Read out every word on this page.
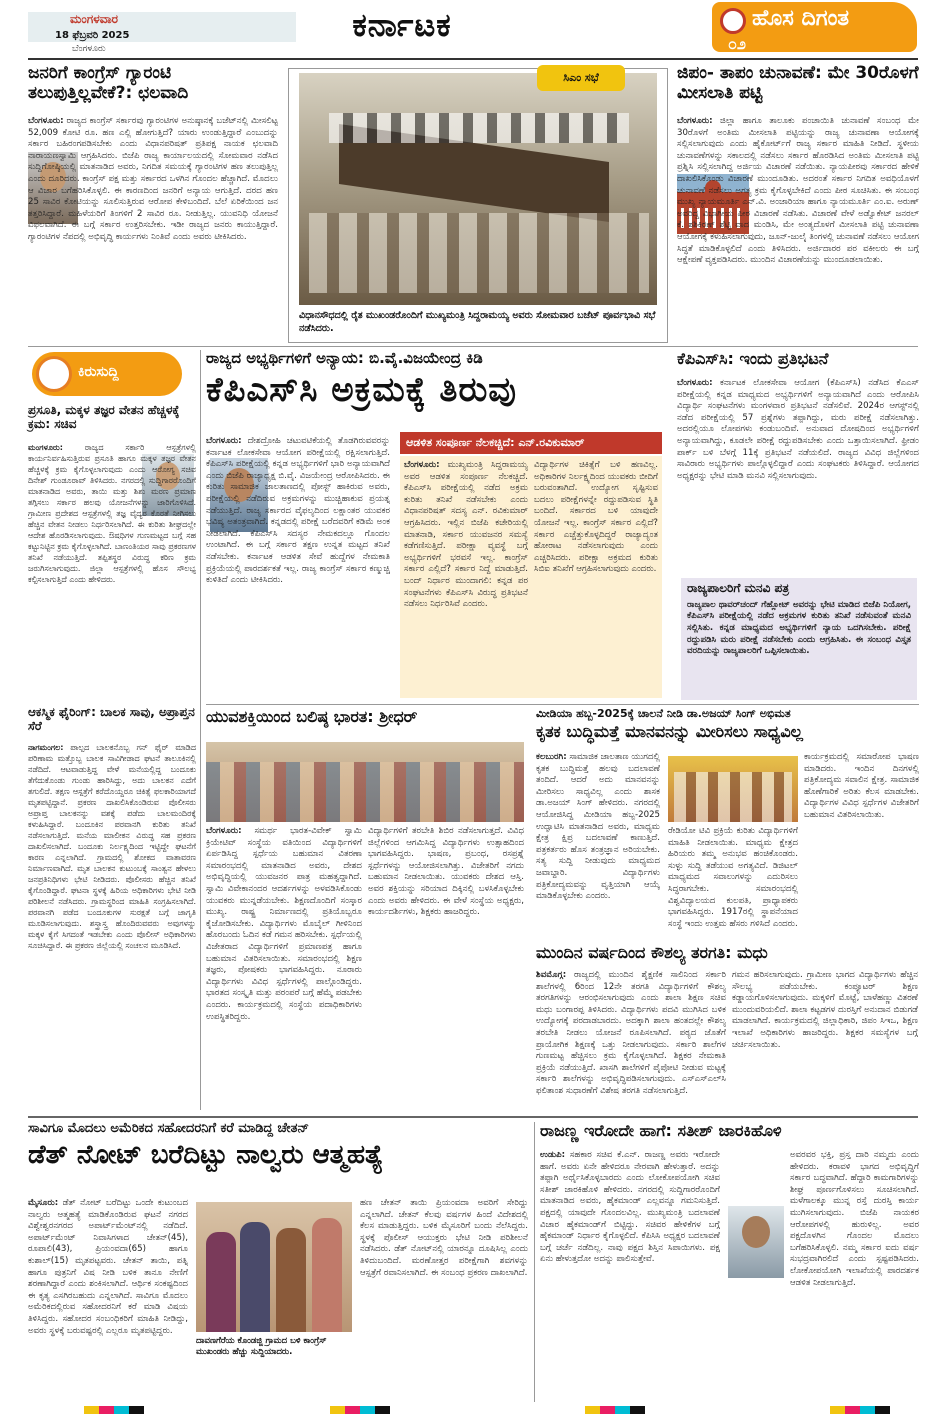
ಮಂಗಳವಾರ
18 ಫೆಬ್ರವರಿ 2025
ಬೆಂಗಳೂರು
ಕರ್ನಾಟಕ	ಹೊಸ ದಿಗಂತ
೦೨
ಜನರಿಗೆ ಕಾಂಗ್ರೆಸ್ ಗ್ಯಾರಂಟಿ ತಲುಪುತ್ತಿಲ್ಲವೇಕೆ?: ಛಲವಾದಿ
ಬೆಂಗಳೂರು: ರಾಜ್ಯದ ಕಾಂಗ್ರೆಸ್ ಸರ್ಕಾರವು ಗ್ಯಾರಂಟಿಗಳ ಅನುಷ್ಠಾನಕ್ಕೆ ಬಜೆಟ್‌ನಲ್ಲಿ ಮೀಸಲಿಟ್ಟ 52,009 ಕೋಟಿ ರೂ. ಹಣ ಎಲ್ಲಿ ಹೋಗುತ್ತಿದೆ? ಯಾರು ಉಂಡುತ್ತಿದ್ದಾರೆ ಎಂಬುದನ್ನು ಸರ್ಕಾರ ಬಹಿರಂಗಪಡಿಸಬೇಕು ಎಂದು ವಿಧಾನಪರಿಷತ್ ಪ್ರತಿಪಕ್ಷ ನಾಯಕ ಛಲವಾದಿ ನಾರಾಯಣಸ್ವಾಮಿ ಆಗ್ರಹಿಸಿದರು. ಬಿಜೆಪಿ ರಾಜ್ಯ ಕಾರ್ಯಾಲಯದಲ್ಲಿ ಸೋಮವಾರ ನಡೆಸಿದ ಸುದ್ದಿಗೋಷ್ಠಿಯಲ್ಲಿ ಮಾತನಾಡಿದ ಅವರು, ನಿಗದಿತ ಸಮಯಕ್ಕೆ ಗ್ಯಾರಂಟಿಗಳ ಹಣ ತಲುಪುತ್ತಿಲ್ಲ ಎಂದು ದೂರಿದರು. ಕಾಂಗ್ರೆಸ್ ಪಕ್ಷ ಮತ್ತು ಸರ್ಕಾರದ ಒಳಗಿನ ಗೊಂದಲ ಹೆಚ್ಚಾಗಿದೆ. ಮೊದಲು ಆ ವಿಚಾರ ಬಗೆಹರಿಸಿಕೊಳ್ಳಲಿ. ಈ ಕಾರಣದಿಂದ ಜನರಿಗೆ ಅನ್ಯಾಯ ಆಗುತ್ತಿದೆ. ದರದ ಹಣ 25 ಸಾವಿರ ಕೋಟಿಯನ್ನು ಸೂಲಿಸುತ್ತಿರುವ ಆರೋಪ ಕೇಳಿಬಂದಿದೆ. ಬೆಲೆ ಏರಿಕೆಯಿಂದ ಜನ ತತ್ತರಿಸಿದ್ದಾರೆ. ಮಹಿಳೆಯರಿಗೆ ತಿಂಗಳಿಗೆ 2 ಸಾವಿರ ರೂ. ನೀಡುತ್ತಿಲ್ಲ. ಯುವನಿಧಿ ಯೋಜನೆ ವಿಫಲವಾಗಿದೆ. ಈ ಬಗ್ಗೆ ಸರ್ಕಾರ ಉತ್ತರಿಸಬೇಕು. ಇಡೀ ರಾಜ್ಯದ ಜನರು ಕಾಯುತ್ತಿದ್ದಾರೆ. ಗ್ಯಾರಂಟಿಗಳ ನೆಪದಲ್ಲಿ ಅಭಿವೃದ್ಧಿ ಕಾರ್ಯಗಳು ನಿಂತಿವೆ ಎಂದು ಅವರು ಟೀಕಿಸಿದರು.
ಸಿಎಂ ಸಭೆ
ವಿಧಾನಸೌಧದಲ್ಲಿ ರೈತ ಮುಖಂಡರೊಂದಿಗೆ ಮುಖ್ಯಮಂತ್ರಿ ಸಿದ್ದರಾಮಯ್ಯ ಅವರು ಸೋಮವಾರ ಬಜೆಟ್ ಪೂರ್ವಭಾವಿ ಸಭೆ ನಡೆಸಿದರು.
ಜಿಪಂ- ತಾಪಂ ಚುನಾವಣೆ: ಮೇ 30ರೊಳಗೆ ಮೀಸಲಾತಿ ಪಟ್ಟಿ
ಬೆಂಗಳೂರು: ಜಿಲ್ಲಾ ಹಾಗೂ ತಾಲೂಕು ಪಂಚಾಯಿತಿ ಚುನಾವಣೆ ಸಂಬಂಧ ಮೇ 30ರೊಳಗೆ ಅಂತಿಮ ಮೀಸಲಾತಿ ಪಟ್ಟಿಯನ್ನು ರಾಜ್ಯ ಚುನಾವಣಾ ಆಯೋಗಕ್ಕೆ ಸಲ್ಲಿಸಲಾಗುವುದು ಎಂದು ಹೈಕೋರ್ಟ್‌ಗೆ ರಾಜ್ಯ ಸರ್ಕಾರ ಮಾಹಿತಿ ನೀಡಿದೆ. ಸ್ಥಳೀಯ ಚುನಾವಣೆಗಳನ್ನು ಸಕಾಲದಲ್ಲಿ ನಡೆಸಲು ಸರ್ಕಾರ ಹೊರಡಿಸಿದ ಅಂತಿಮ ಮೀಸಲಾತಿ ಪಟ್ಟಿ ಪ್ರಶ್ನಿಸಿ ಸಲ್ಲಿಸಲಾಗಿದ್ದ ಅರ್ಜಿಯ ವಿಚಾರಣೆ ನಡೆಯಿತು. ನ್ಯಾಯಪೀಠವು ಸರ್ಕಾರದ ಹೇಳಿಕೆ ದಾಖಲಿಸಿಕೊಂಡು ವಿಚಾರಣೆ ಮುಂದೂಡಿತು. ಅದರಂತೆ ಸರ್ಕಾರ ನಿಗದಿತ ಅವಧಿಯೊಳಗೆ ಚುನಾವಣೆ ನಡೆಸಲು ಅಗತ್ಯ ಕ್ರಮ ಕೈಗೊಳ್ಳಬೇಕಿದೆ ಎಂದು ಪೀಠ ಸೂಚಿಸಿತು. ಈ ಸಂಬಂಧ ಮುಖ್ಯ ನ್ಯಾಯಮೂರ್ತಿ ಎನ್.ವಿ. ಅಂಜಾರಿಯಾ ಹಾಗೂ ನ್ಯಾಯಮೂರ್ತಿ ಎಂ.ಐ. ಅರುಣ್ ಅವರಿದ್ದ ವಿಭಾಗೀಯ ಪೀಠ ವಿಚಾರಣೆ ನಡೆಸಿತು. ವಿಚಾರಣೆ ವೇಳೆ ಅಡ್ವೊಕೇಟ್ ಜನರಲ್ ಕೆ. ಶಶಿಕಿರಣ್ ಶೆಟ್ಟಿ ವಾದ ಮಂಡಿಸಿ, ಮೇ ಅಂತ್ಯದೊಳಗೆ ಮೀಸಲಾತಿ ಪಟ್ಟಿ ಚುನಾವಣಾ ಆಯೋಗಕ್ಕೆ ಕಳುಹಿಸಲಾಗುವುದು, ಜೂನ್-ಜುಲೈ ತಿಂಗಳಲ್ಲಿ ಚುನಾವಣೆ ನಡೆಸಲು ಆಯೋಗ ಸಿದ್ಧತೆ ಮಾಡಿಕೊಳ್ಳಲಿದೆ ಎಂದು ತಿಳಿಸಿದರು. ಅರ್ಜಿದಾರರ ಪರ ವಕೀಲರು ಈ ಬಗ್ಗೆ ಆಕ್ಷೇಪಣೆ ವ್ಯಕ್ತಪಡಿಸಿದರು. ಮುಂದಿನ ವಿಚಾರಣೆಯನ್ನು ಮುಂದೂಡಲಾಯಿತು.
ಕಿರುಸುದ್ದಿ
ಪ್ರಸೂತಿ, ಮಕ್ಕಳ ತಜ್ಞರ ವೇತನ ಹೆಚ್ಚಳಕ್ಕೆ ಕ್ರಮ: ಸಚಿವ
ಮಂಗಳೂರು:	ರಾಜ್ಯದ ಸರ್ಕಾರಿ ಆಸ್ಪತ್ರೆಗಳಲ್ಲಿ ಕಾರ್ಯನಿರ್ವಹಿಸುತ್ತಿರುವ ಪ್ರಸೂತಿ ಹಾಗೂ ಮಕ್ಕಳ ತಜ್ಞರ ವೇತನ ಹೆಚ್ಚಳಕ್ಕೆ ಕ್ರಮ ಕೈಗೊಳ್ಳಲಾಗುವುದು ಎಂದು ಆರೋಗ್ಯ ಸಚಿವ ದಿನೇಶ್ ಗುಂಡೂರಾವ್ ತಿಳಿಸಿದರು. ನಗರದಲ್ಲಿ ಸುದ್ದಿಗಾರರೊಂದಿಗೆ ಮಾತನಾಡಿದ ಅವರು, ತಾಯಿ ಮತ್ತು ಶಿಶು ಮರಣ ಪ್ರಮಾಣ ತಗ್ಗಿಸಲು ಸರ್ಕಾರ ಹಲವು ಯೋಜನೆಗಳನ್ನು ಜಾರಿಗೊಳಿಸಿದೆ. ಗ್ರಾಮೀಣ ಪ್ರದೇಶದ ಆಸ್ಪತ್ರೆಗಳಲ್ಲಿ ತಜ್ಞ ವೈದ್ಯರ ಕೊರತೆ ನೀಗಿಸಲು ಹೆಚ್ಚಿನ ವೇತನ ನೀಡಲು ನಿರ್ಧರಿಸಲಾಗಿದೆ. ಈ ಕುರಿತು ಶೀಘ್ರದಲ್ಲೇ ಆದೇಶ ಹೊರಡಿಸಲಾಗುವುದು. ಔಷಧಿಗಳ ಗುಣಮಟ್ಟದ ಬಗ್ಗೆ ಸಹ ಕಟ್ಟುನಿಟ್ಟಿನ ಕ್ರಮ ಕೈಗೊಳ್ಳಲಾಗಿದೆ. ಬಾಣಂತಿಯರ ಸಾವು ಪ್ರಕರಣಗಳ ತನಿಖೆ ನಡೆಯುತ್ತಿದೆ. ತಪ್ಪಿತಸ್ಥರ ವಿರುದ್ಧ ಕಠಿಣ ಕ್ರಮ ಜರುಗಿಸಲಾಗುವುದು. ಜಿಲ್ಲಾ ಆಸ್ಪತ್ರೆಗಳಲ್ಲಿ ಹೊಸ ಸೌಲಭ್ಯ ಕಲ್ಪಿಸಲಾಗುತ್ತಿದೆ ಎಂದು ಹೇಳಿದರು.
ಆಕಸ್ಮಿಕ ಫೈರಿಂಗ್: ಬಾಲಕ ಸಾವು, ಅಪ್ರಾಪ್ತನ ಸೆರೆ
ನಾಗಮಂಗಲ: ಪಾಲ್ಪದ ಬಾಲಕನೊಬ್ಬ ಗನ್ ಫೈರ್ ಮಾಡಿದ ಪರಿಣಾಮ ಮತ್ತೊಬ್ಬ ಬಾಲಕ ಸಾವಿಗೀಡಾದ ಘಟನೆ ತಾಲೂಕಿನಲ್ಲಿ ನಡೆದಿದೆ. ಆಟವಾಡುತ್ತಿದ್ದ ವೇಳೆ ಮನೆಯಲ್ಲಿದ್ದ ಬಂದೂಕು ತೆಗೆದುಕೊಂಡು ಗುಂಡು ಹಾರಿಸಿದ್ದು, ಅದು ಬಾಲಕನ ಎದೆಗೆ ತಗುಲಿದೆ. ತಕ್ಷಣ ಆಸ್ಪತ್ರೆಗೆ ಕರೆದೊಯ್ದರೂ ಚಿಕಿತ್ಸೆ ಫಲಕಾರಿಯಾಗದೆ ಮೃತಪಟ್ಟಿದ್ದಾನೆ. ಪ್ರಕರಣ ದಾಖಲಿಸಿಕೊಂಡಿರುವ ಪೊಲೀಸರು ಅಪ್ರಾಪ್ತ ಬಾಲಕನನ್ನು ವಶಕ್ಕೆ ಪಡೆದು ಬಾಲಮಂದಿರಕ್ಕೆ ಕಳುಹಿಸಿದ್ದಾರೆ. ಬಂದೂಕಿನ ಪರವಾನಗಿ ಕುರಿತು ತನಿಖೆ ನಡೆಸಲಾಗುತ್ತಿದೆ. ಮನೆಯ ಮಾಲೀಕನ ವಿರುದ್ಧ ಸಹ ಪ್ರಕರಣ ದಾಖಲಿಸಲಾಗಿದೆ. ಬಂದೂಕು ನಿರ್ಲಕ್ಷ್ಯದಿಂದ ಇಟ್ಟಿದ್ದೇ ಘಟನೆಗೆ ಕಾರಣ ಎನ್ನಲಾಗಿದೆ. ಗ್ರಾಮದಲ್ಲಿ ಶೋಕದ ವಾತಾವರಣ ನಿರ್ಮಾಣವಾಗಿದೆ. ಮೃತ ಬಾಲಕನ ಕುಟುಂಬಕ್ಕೆ ಸಾಂತ್ವನ ಹೇಳಲು ಜನಪ್ರತಿನಿಧಿಗಳು ಭೇಟಿ ನೀಡಿದರು. ಪೊಲೀಸರು ಹೆಚ್ಚಿನ ತನಿಖೆ ಕೈಗೊಂಡಿದ್ದಾರೆ. ಘಟನಾ ಸ್ಥಳಕ್ಕೆ ಹಿರಿಯ ಅಧಿಕಾರಿಗಳು ಭೇಟಿ ನೀಡಿ ಪರಿಶೀಲನೆ ನಡೆಸಿದರು. ಗ್ರಾಮಸ್ಥರಿಂದ ಮಾಹಿತಿ ಸಂಗ್ರಹಿಸಲಾಗಿದೆ. ಪರವಾನಗಿ ಪಡೆದ ಬಂದೂಕುಗಳ ಸುರಕ್ಷತೆ ಬಗ್ಗೆ ಜಾಗೃತಿ ಮೂಡಿಸಲಾಗುವುದು. ಶಸ್ತ್ರಾಸ್ತ್ರ ಹೊಂದಿರುವವರು ಅವುಗಳನ್ನು ಮಕ್ಕಳ ಕೈಗೆ ಸಿಗದಂತೆ ಇಡಬೇಕು ಎಂದು ಪೊಲೀಸ್ ಅಧಿಕಾರಿಗಳು ಸೂಚಿಸಿದ್ದಾರೆ. ಈ ಪ್ರಕರಣ ಜಿಲ್ಲೆಯಲ್ಲಿ ಸಂಚಲನ ಮೂಡಿಸಿದೆ.
ರಾಜ್ಯದ ಅಭ್ಯರ್ಥಿಗಳಿಗೆ ಅನ್ಯಾಯ: ಬಿ.ವೈ.ವಿಜಯೇಂದ್ರ ಕಿಡಿ
ಕೆಪಿಎಸ್‌ಸಿ ಅಕ್ರಮಕ್ಕೆ ತಿರುವು
ಆಡಳಿತ ಸಂಪೂರ್ಣ ನೆಲಕಚ್ಚಿದೆ: ಎನ್.ರವಿಕುಮಾರ್
ಬೆಂಗಳೂರು: ದೇಶದ್ರೋಹಿ ಚಟುವಟಿಕೆಯಲ್ಲಿ ತೊಡಗಿರುವವರನ್ನು ಕರ್ನಾಟಕ ಲೋಕಸೇವಾ ಆಯೋಗ ಪರೀಕ್ಷೆಯಲ್ಲಿ ರಕ್ಷಿಸಲಾಗುತ್ತಿದೆ. ಕೆಪಿಎಸ್‌ಸಿ ಪರೀಕ್ಷೆಯಲ್ಲಿ ಕನ್ನಡ ಅಭ್ಯರ್ಥಿಗಳಿಗೆ ಭಾರಿ ಅನ್ಯಾಯವಾಗಿದೆ ಎಂದು ಬಿಜೆಪಿ ರಾಜ್ಯಾಧ್ಯಕ್ಷ ಬಿ.ವೈ. ವಿಜಯೇಂದ್ರ ಆರೋಪಿಸಿದರು. ಈ ಕುರಿತು ಸಾಮಾಜಿಕ ಜಾಲತಾಣದಲ್ಲಿ ಪೋಸ್ಟ್ ಹಾಕಿರುವ ಅವರು, ಪರೀಕ್ಷೆಯಲ್ಲಿ ನಡೆದಿರುವ ಅಕ್ರಮಗಳನ್ನು ಮುಚ್ಚಿಹಾಕುವ ಪ್ರಯತ್ನ ನಡೆಯುತ್ತಿದೆ. ರಾಜ್ಯ ಸರ್ಕಾರದ ವೈಫಲ್ಯದಿಂದ ಲಕ್ಷಾಂತರ ಯುವಕರ ಭವಿಷ್ಯ ಅತಂತ್ರವಾಗಿದೆ. ಕನ್ನಡದಲ್ಲಿ ಪರೀಕ್ಷೆ ಬರೆದವರಿಗೆ ಕಡಿಮೆ ಅಂಕ ನೀಡಲಾಗಿದೆ. ಕೆಪಿಎಸ್‌ಸಿ ಸದಸ್ಯರ ನೇಮಕದಲ್ಲೂ ಗೊಂದಲ ಉಂಟಾಗಿದೆ. ಈ ಬಗ್ಗೆ ಸರ್ಕಾರ ತಕ್ಷಣ ಉನ್ನತ ಮಟ್ಟದ ತನಿಖೆ ನಡೆಸಬೇಕು. ಕರ್ನಾಟಕ ಆಡಳಿತ ಸೇವೆ ಹುದ್ದೆಗಳ ನೇಮಕಾತಿ ಪ್ರಕ್ರಿಯೆಯಲ್ಲಿ ಪಾರದರ್ಶಕತೆ ಇಲ್ಲ. ರಾಜ್ಯ ಕಾಂಗ್ರೆಸ್ ಸರ್ಕಾರ ಕಣ್ಮುಚ್ಚಿ ಕುಳಿತಿದೆ ಎಂದು ಟೀಕಿಸಿದರು.
ಬೆಂಗಳೂರು: ಮುಖ್ಯಮಂತ್ರಿ ಸಿದ್ದರಾಮಯ್ಯ ಅವರ ಆಡಳಿತ ಸಂಪೂರ್ಣ ನೆಲಕಚ್ಚಿದೆ. ಕೆಪಿಎಸ್‌ಸಿ ಪರೀಕ್ಷೆಯಲ್ಲಿ ನಡೆದ ಅಕ್ರಮ ಕುರಿತು ತನಿಖೆ ನಡೆಸಬೇಕು ಎಂದು ವಿಧಾನಪರಿಷತ್ ಸದಸ್ಯ ಎನ್. ರವಿಕುಮಾರ್ ಆಗ್ರಹಿಸಿದರು. ಇಲ್ಲಿನ ಬಿಜೆಪಿ ಕಚೇರಿಯಲ್ಲಿ ಮಾತನಾಡಿ, ಸರ್ಕಾರ ಯುವಜನರ ಸಮಸ್ಯೆ ಕಡೆಗಣಿಸುತ್ತಿದೆ. ಪರೀಕ್ಷಾ ವ್ಯವಸ್ಥೆ ಬಗ್ಗೆ ಅಭ್ಯರ್ಥಿಗಳಿಗೆ ಭರವಸೆ ಇಲ್ಲ. ಕಾಂಗ್ರೆಸ್ ಸರ್ಕಾರ ಎಲ್ಲಿದೆ? ಸರ್ಕಾರ ನಿದ್ದೆ ಮಾಡುತ್ತಿದೆ. ಬಂದ್ ನಿರ್ಧಾರ ಮುಂದಾಗಲಿ: ಕನ್ನಡ ಪರ ಸಂಘಟನೆಗಳು ಕೆಪಿಎಸ್‌ಸಿ ವಿರುದ್ಧ ಪ್ರತಿಭಟನೆ ನಡೆಸಲು ನಿರ್ಧರಿಸಿವೆ ಎಂದರು.
ವಿದ್ಯಾರ್ಥಿಗಳ ಚಿಕಿತ್ಸೆಗೆ ಬಳಿ ಹಣವಿಲ್ಲ. ಅಧಿಕಾರಿಗಳ ನಿರ್ಲಕ್ಷ್ಯದಿಂದ ಯುವಕರು ಬೀದಿಗೆ ಬರುವಂತಾಗಿದೆ. ಉದ್ಯೋಗ ಸೃಷ್ಟಿಸುವ ಬದಲು ಪರೀಕ್ಷೆಗಳನ್ನೇ ರದ್ದುಪಡಿಸುವ ಸ್ಥಿತಿ ಬಂದಿದೆ. ಸರ್ಕಾರದ ಬಳಿ ಯಾವುದೇ ಯೋಜನೆ ಇಲ್ಲ. ಕಾಂಗ್ರೆಸ್ ಸರ್ಕಾರ ಎಲ್ಲಿದೆ? ಸರ್ಕಾರ ಎಚ್ಚೆತ್ತುಕೊಳ್ಳದಿದ್ದರೆ ರಾಜ್ಯಾದ್ಯಂತ ಹೋರಾಟ ನಡೆಸಲಾಗುವುದು ಎಂದು ಎಚ್ಚರಿಸಿದರು. ಪರೀಕ್ಷಾ ಅಕ್ರಮದ ಕುರಿತು ಸಿಬಿಐ ತನಿಖೆಗೆ ಆಗ್ರಹಿಸಲಾಗುವುದು ಎಂದರು.
ಕೆಪಿಎಸ್‌ಸಿ: ಇಂದು ಪ್ರತಿಭಟನೆ
ಬೆಂಗಳೂರು: ಕರ್ನಾಟಕ ಲೋಕಸೇವಾ ಆಯೋಗ (ಕೆಪಿಎಸ್‌ಸಿ) ನಡೆಸಿದ ಕೆಎಎಸ್ ಪರೀಕ್ಷೆಯಲ್ಲಿ ಕನ್ನಡ ಮಾಧ್ಯಮದ ಅಭ್ಯರ್ಥಿಗಳಿಗೆ ಅನ್ಯಾಯವಾಗಿದೆ ಎಂದು ಆರೋಪಿಸಿ ವಿದ್ಯಾರ್ಥಿ ಸಂಘಟನೆಗಳು ಮಂಗಳವಾರ ಪ್ರತಿಭಟನೆ ನಡೆಸಲಿವೆ. 2024ರ ಆಗಸ್ಟ್‌ನಲ್ಲಿ ನಡೆದ ಪರೀಕ್ಷೆಯಲ್ಲಿ 57 ಪ್ರಶ್ನೆಗಳು ತಪ್ಪಾಗಿದ್ದು, ಮರು ಪರೀಕ್ಷೆ ನಡೆಸಲಾಗಿತ್ತು. ಅದರಲ್ಲಿಯೂ ಲೋಪಗಳು ಕಂಡುಬಂದಿವೆ. ಅನುವಾದ ದೋಷದಿಂದ ಅಭ್ಯರ್ಥಿಗಳಿಗೆ ಅನ್ಯಾಯವಾಗಿದ್ದು, ಕೂಡಲೇ ಪರೀಕ್ಷೆ ರದ್ದುಪಡಿಸಬೇಕು ಎಂದು ಒತ್ತಾಯಿಸಲಾಗಿದೆ. ಫ್ರೀಡಂ ಪಾರ್ಕ್ ಬಳಿ ಬೆಳಗ್ಗೆ 11ಕ್ಕೆ ಪ್ರತಿಭಟನೆ ನಡೆಯಲಿದೆ. ರಾಜ್ಯದ ವಿವಿಧ ಜಿಲ್ಲೆಗಳಿಂದ ಸಾವಿರಾರು ಅಭ್ಯರ್ಥಿಗಳು ಪಾಲ್ಗೊಳ್ಳಲಿದ್ದಾರೆ ಎಂದು ಸಂಘಟಕರು ತಿಳಿಸಿದ್ದಾರೆ. ಆಯೋಗದ ಅಧ್ಯಕ್ಷರನ್ನು ಭೇಟಿ ಮಾಡಿ ಮನವಿ ಸಲ್ಲಿಸಲಾಗುವುದು.
ರಾಜ್ಯಪಾಲರಿಗೆ ಮನವಿ ಪತ್ರ
ರಾಜ್ಯಪಾಲ ಥಾವರ್‌ಚಂದ್ ಗೆಹ್ಲೋಟ್ ಅವರನ್ನು ಭೇಟಿ ಮಾಡಿದ ಬಿಜೆಪಿ ನಿಯೋಗ, ಕೆಪಿಎಸ್‌ಸಿ ಪರೀಕ್ಷೆಯಲ್ಲಿ ನಡೆದ ಅಕ್ರಮಗಳ ಕುರಿತು ತನಿಖೆ ನಡೆಸುವಂತೆ ಮನವಿ ಸಲ್ಲಿಸಿತು. ಕನ್ನಡ ಮಾಧ್ಯಮದ ಅಭ್ಯರ್ಥಿಗಳಿಗೆ ನ್ಯಾಯ ಒದಗಿಸಬೇಕು. ಪರೀಕ್ಷೆ ರದ್ದುಪಡಿಸಿ ಮರು ಪರೀಕ್ಷೆ ನಡೆಸಬೇಕು ಎಂದು ಆಗ್ರಹಿಸಿತು. ಈ ಸಂಬಂಧ ವಿಸ್ತೃತ ವರದಿಯನ್ನು ರಾಜ್ಯಪಾಲರಿಗೆ ಒಪ್ಪಿಸಲಾಯಿತು.
ಯುವಶಕ್ತಿಯಿಂದ ಬಲಿಷ್ಠ ಭಾರತ: ಶ್ರೀಧರ್
ಬೆಂಗಳೂರು: ಸಮರ್ಥ ಭಾರತ-ವಿವೇಕ್ ಸ್ವಾಮಿ ಕ್ರಿಯೇಟಿವ್ ಸಂಸ್ಥೆಯ ವತಿಯಿಂದ ವಿದ್ಯಾರ್ಥಿಗಳಿಗೆ ಏರ್ಪಡಿಸಿದ್ದ ಸ್ಪರ್ಧೆಯ ಬಹುಮಾನ ವಿತರಣಾ ಸಮಾರಂಭದಲ್ಲಿ ಮಾತನಾಡಿದ ಅವರು, ದೇಶದ ಅಭಿವೃದ್ಧಿಯಲ್ಲಿ ಯುವಜನರ ಪಾತ್ರ ಮಹತ್ವದ್ದಾಗಿದೆ. ಸ್ವಾಮಿ ವಿವೇಕಾನಂದರ ಆದರ್ಶಗಳನ್ನು ಅಳವಡಿಸಿಕೊಂಡು ಯುವಕರು ಮುನ್ನಡೆಯಬೇಕು. ಶಿಕ್ಷಣದೊಂದಿಗೆ ಸಂಸ್ಕಾರ ಮುಖ್ಯ. ರಾಷ್ಟ್ರ ನಿರ್ಮಾಣದಲ್ಲಿ ಪ್ರತಿಯೊಬ್ಬರೂ ಕೈಜೋಡಿಸಬೇಕು. ವಿದ್ಯಾರ್ಥಿಗಳು ಮೊಬೈಲ್ ಗೀಳಿನಿಂದ ಹೊರಬಂದು ಓದಿನ ಕಡೆ ಗಮನ ಹರಿಸಬೇಕು. ಸ್ಪರ್ಧೆಯಲ್ಲಿ ವಿಜೇತರಾದ ವಿದ್ಯಾರ್ಥಿಗಳಿಗೆ ಪ್ರಮಾಣಪತ್ರ ಹಾಗೂ ಬಹುಮಾನ ವಿತರಿಸಲಾಯಿತು. ಸಮಾರಂಭದಲ್ಲಿ ಶಿಕ್ಷಣ ತಜ್ಞರು, ಪೋಷಕರು ಭಾಗವಹಿಸಿದ್ದರು. ನೂರಾರು ವಿದ್ಯಾರ್ಥಿಗಳು ವಿವಿಧ ಸ್ಪರ್ಧೆಗಳಲ್ಲಿ ಪಾಲ್ಗೊಂಡಿದ್ದರು. ಭಾರತದ ಸಂಸ್ಕೃತಿ ಮತ್ತು ಪರಂಪರೆ ಬಗ್ಗೆ ಹೆಮ್ಮೆ ಪಡಬೇಕು ಎಂದರು. ಕಾರ್ಯಕ್ರಮದಲ್ಲಿ ಸಂಸ್ಥೆಯ ಪದಾಧಿಕಾರಿಗಳು ಉಪಸ್ಥಿತರಿದ್ದರು.
ವಿದ್ಯಾರ್ಥಿಗಳಿಗೆ ತರಬೇತಿ ಶಿಬಿರ ನಡೆಸಲಾಗುತ್ತದೆ. ವಿವಿಧ ಜಿಲ್ಲೆಗಳಿಂದ ಆಗಮಿಸಿದ್ದ ವಿದ್ಯಾರ್ಥಿಗಳು ಉತ್ಸಾಹದಿಂದ ಭಾಗವಹಿಸಿದ್ದರು. ಭಾಷಣ, ಪ್ರಬಂಧ, ರಸಪ್ರಶ್ನೆ ಸ್ಪರ್ಧೆಗಳನ್ನು ಆಯೋಜಿಸಲಾಗಿತ್ತು. ವಿಜೇತರಿಗೆ ನಗದು ಬಹುಮಾನ ನೀಡಲಾಯಿತು. ಯುವಕರು ದೇಶದ ಆಸ್ತಿ. ಅವರ ಶಕ್ತಿಯನ್ನು ಸರಿಯಾದ ದಿಕ್ಕಿನಲ್ಲಿ ಬಳಸಿಕೊಳ್ಳಬೇಕು ಎಂದು ಅವರು ಹೇಳಿದರು. ಈ ವೇಳೆ ಸಂಸ್ಥೆಯ ಅಧ್ಯಕ್ಷರು, ಕಾರ್ಯದರ್ಶಿಗಳು, ಶಿಕ್ಷಕರು ಹಾಜರಿದ್ದರು.
ಮೀಡಿಯಾ ಹಬ್ಬ-2025ಕ್ಕೆ ಚಾಲನೆ ನೀಡಿ ಡಾ.ಅಜಯ್ ಸಿಂಗ್ ಅಭಿಮತ
ಕೃತಕ ಬುದ್ಧಿಮತ್ತೆ ಮಾನವನನ್ನು ಮೀರಿಸಲು ಸಾಧ್ಯವಿಲ್ಲ
ಕಲಬುರಗಿ: ಸಾಮಾಜಿಕ ಜಾಲತಾಣ ಯುಗದಲ್ಲಿ ಕೃತಕ ಬುದ್ಧಿಮತ್ತೆ ಹಲವು ಬದಲಾವಣೆ ತಂದಿದೆ. ಆದರೆ ಅದು ಮಾನವನನ್ನು ಮೀರಿಸಲು ಸಾಧ್ಯವಿಲ್ಲ ಎಂದು ಶಾಸಕ ಡಾ.ಅಜಯ್ ಸಿಂಗ್ ಹೇಳಿದರು. ನಗರದಲ್ಲಿ ಆಯೋಜಿಸಿದ್ದ ಮೀಡಿಯಾ ಹಬ್ಬ-2025 ಉದ್ಘಾಟಿಸಿ ಮಾತನಾಡಿದ ಅವರು, ಮಾಧ್ಯಮ ಕ್ಷೇತ್ರ ಕ್ಷಿಪ್ರ ಬದಲಾವಣೆ ಕಾಣುತ್ತಿದೆ. ಪತ್ರಕರ್ತರು ಹೊಸ ತಂತ್ರಜ್ಞಾನ ಅರಿಯಬೇಕು. ಸತ್ಯ ಸುದ್ದಿ ನೀಡುವುದು ಮಾಧ್ಯಮದ ಜವಾಬ್ದಾರಿ. ವಿದ್ಯಾರ್ಥಿಗಳು ಪತ್ರಿಕೋದ್ಯಮವನ್ನು ವೃತ್ತಿಯಾಗಿ ಆಯ್ಕೆ ಮಾಡಿಕೊಳ್ಳಬೇಕು ಎಂದರು.
ರೇಡಿಯೋ ಟಿವಿ ಪ್ರಕ್ರಿಯೆ ಕುರಿತು ವಿದ್ಯಾರ್ಥಿಗಳಿಗೆ ಮಾಹಿತಿ ನೀಡಲಾಯಿತು. ಮಾಧ್ಯಮ ಕ್ಷೇತ್ರದ ಹಿರಿಯರು ತಮ್ಮ ಅನುಭವ ಹಂಚಿಕೊಂಡರು. ಸುಳ್ಳು ಸುದ್ದಿ ತಡೆಯುವ ಅಗತ್ಯವಿದೆ. ಡಿಜಿಟಲ್ ಮಾಧ್ಯಮದ ಸವಾಲುಗಳನ್ನು ಎದುರಿಸಲು ಸಿದ್ಧರಾಗಬೇಕು. ಸಮಾರಂಭದಲ್ಲಿ ವಿಶ್ವವಿದ್ಯಾಲಯದ ಕುಲಪತಿ, ಪ್ರಾಧ್ಯಾಪಕರು ಭಾಗವಹಿಸಿದ್ದರು. 1917ರಲ್ಲಿ ಸ್ಥಾಪನೆಯಾದ ಸಂಸ್ಥೆ ಇಂದು ಉತ್ತಮ ಹೆಸರು ಗಳಿಸಿದೆ ಎಂದರು.
ಕಾರ್ಯಕ್ರಮದಲ್ಲಿ ಸಮಾರೋಪ ಭಾಷಣ ಮಾಡಿದರು. ಇಂದಿನ ದಿನಗಳಲ್ಲಿ ಪತ್ರಿಕೋದ್ಯಮ ಸವಾಲಿನ ಕ್ಷೇತ್ರ. ಸಾಮಾಜಿಕ ಹೊಣೆಗಾರಿಕೆ ಅರಿತು ಕೆಲಸ ಮಾಡಬೇಕು. ವಿದ್ಯಾರ್ಥಿಗಳ ವಿವಿಧ ಸ್ಪರ್ಧೆಗಳ ವಿಜೇತರಿಗೆ ಬಹುಮಾನ ವಿತರಿಸಲಾಯಿತು.
ಮುಂದಿನ ವರ್ಷದಿಂದ ಕೌಶಲ್ಯ ತರಗತಿ: ಮಧು
ಶಿವಮೊಗ್ಗ: ರಾಜ್ಯದಲ್ಲಿ ಮುಂದಿನ ಶೈಕ್ಷಣಿಕ ಸಾಲಿನಿಂದ ಸರ್ಕಾರಿ ಶಾಲೆಗಳಲ್ಲಿ 6ರಿಂದ 12ನೇ ತರಗತಿ ವಿದ್ಯಾರ್ಥಿಗಳಿಗೆ ಕೌಶಲ್ಯ ತರಗತಿಗಳನ್ನು ಆರಂಭಿಸಲಾಗುವುದು ಎಂದು ಶಾಲಾ ಶಿಕ್ಷಣ ಸಚಿವ ಮಧು ಬಂಗಾರಪ್ಪ ತಿಳಿಸಿದರು. ವಿದ್ಯಾರ್ಥಿಗಳು ಪದವಿ ಮುಗಿಸಿದ ಬಳಿಕ ಉದ್ಯೋಗಕ್ಕೆ ಪರದಾಡಬಾರದು. ಅದಕ್ಕಾಗಿ ಶಾಲಾ ಹಂತದಲ್ಲೇ ಕೌಶಲ್ಯ ತರಬೇತಿ ನೀಡಲು ಯೋಜನೆ ರೂಪಿಸಲಾಗಿದೆ. ಪಠ್ಯದ ಜೊತೆಗೆ ಪ್ರಾಯೋಗಿಕ ಶಿಕ್ಷಣಕ್ಕೆ ಒತ್ತು ನೀಡಲಾಗುವುದು. ಸರ್ಕಾರಿ ಶಾಲೆಗಳ ಗುಣಮಟ್ಟ ಹೆಚ್ಚಿಸಲು ಕ್ರಮ ಕೈಗೊಳ್ಳಲಾಗಿದೆ. ಶಿಕ್ಷಕರ ನೇಮಕಾತಿ ಪ್ರಕ್ರಿಯೆ ನಡೆಯುತ್ತಿದೆ. ಖಾಸಗಿ ಶಾಲೆಗಳಿಗೆ ಪೈಪೋಟಿ ನೀಡುವ ಮಟ್ಟಕ್ಕೆ ಸರ್ಕಾರಿ ಶಾಲೆಗಳನ್ನು ಅಭಿವೃದ್ಧಿಪಡಿಸಲಾಗುವುದು. ಎಸ್‌ಎಸ್‌ಎಲ್‌ಸಿ ಫಲಿತಾಂಶ ಸುಧಾರಣೆಗೆ ವಿಶೇಷ ತರಗತಿ ನಡೆಸಲಾಗುತ್ತಿದೆ.
ಗಮನ ಹರಿಸಲಾಗುವುದು. ಗ್ರಾಮೀಣ ಭಾಗದ ವಿದ್ಯಾರ್ಥಿಗಳು ಹೆಚ್ಚಿನ ಸೌಲಭ್ಯ ಪಡೆಯಬೇಕು. ಕಂಪ್ಯೂಟರ್ ಶಿಕ್ಷಣ ಕಡ್ಡಾಯಗೊಳಿಸಲಾಗುವುದು. ಮಕ್ಕಳಿಗೆ ಮೊಟ್ಟೆ, ಬಾಳೆಹಣ್ಣು ವಿತರಣೆ ಮುಂದುವರಿಯಲಿದೆ. ಶಾಲಾ ಕಟ್ಟಡಗಳ ದುರಸ್ತಿಗೆ ಅನುದಾನ ಬಿಡುಗಡೆ ಮಾಡಲಾಗಿದೆ. ಕಾರ್ಯಕ್ರಮದಲ್ಲಿ ಜಿಲ್ಲಾಧಿಕಾರಿ, ಜಿಪಂ ಸಿಇಒ, ಶಿಕ್ಷಣ ಇಲಾಖೆ ಅಧಿಕಾರಿಗಳು ಹಾಜರಿದ್ದರು. ಶಿಕ್ಷಕರ ಸಮಸ್ಯೆಗಳ ಬಗ್ಗೆ ಚರ್ಚಿಸಲಾಯಿತು.
ಸಾವಿಗೂ ಮೊದಲು ಅಮೆರಿಕದ ಸಹೋದರನಿಗೆ ಕರೆ ಮಾಡಿದ್ದ ಚೇತನ್
ಡೆತ್ ನೋಟ್ ಬರೆದಿಟ್ಟು ನಾಲ್ವರು ಆತ್ಮಹತ್ಯೆ
ಮೈಸೂರು: ಡೆತ್ ನೋಟ್ ಬರೆದಿಟ್ಟು ಒಂದೇ ಕುಟುಂಬದ ನಾಲ್ವರು ಆತ್ಮಹತ್ಯೆ ಮಾಡಿಕೊಂಡಿರುವ ಘಟನೆ ನಗರದ ವಿಶ್ವೇಶ್ವರನಗರದ ಅಪಾರ್ಟ್‌ಮೆಂಟ್‌ನಲ್ಲಿ ನಡೆದಿದೆ. ಅಪಾರ್ಟ್‌ಮೆಂಟ್ ನಿವಾಸಿಗಳಾದ ಚೇತನ್(45), ರೂಪಾಲಿ(43), ಪ್ರಿಯಂವದಾ(65) ಹಾಗೂ ಕುಶಾಲ್(15) ಮೃತಪಟ್ಟವರು. ಚೇತನ್ ತಾಯಿ, ಪತ್ನಿ ಹಾಗೂ ಪುತ್ರನಿಗೆ ವಿಷ ನೀಡಿ ಬಳಿಕ ತಾನೂ ನೇಣಿಗೆ ಶರಣಾಗಿದ್ದಾರೆ ಎಂದು ಶಂಕಿಸಲಾಗಿದೆ. ಆರ್ಥಿಕ ಸಂಕಷ್ಟದಿಂದ ಈ ಕೃತ್ಯ ಎಸಗಿರಬಹುದು ಎನ್ನಲಾಗಿದೆ. ಸಾವಿಗೂ ಮೊದಲು ಅಮೆರಿಕದಲ್ಲಿರುವ ಸಹೋದರನಿಗೆ ಕರೆ ಮಾಡಿ ವಿಷಯ ತಿಳಿಸಿದ್ದರು. ಸಹೋದರ ಸಂಬಂಧಿಕರಿಗೆ ಮಾಹಿತಿ ನೀಡಿದ್ದು, ಅವರು ಸ್ಥಳಕ್ಕೆ ಬರುವಷ್ಟರಲ್ಲಿ ಎಲ್ಲರೂ ಮೃತಪಟ್ಟಿದ್ದರು.
ದಾವಣಗೆರೆಯ ಕೊಂಡಜ್ಜಿ ಗ್ರಾಮದ ಬಳಿ ಕಾಂಗ್ರೆಸ್ ಮುಖಂಡರು ಹೆಚ್ಚು ಸುದ್ದಿಯಾದರು.
ಹಣ ಚೇತನ್ ತಾಯಿ ಪ್ರಿಯಂವದಾ ಅವರಿಗೆ ಸೇರಿದ್ದು ಎನ್ನಲಾಗಿದೆ. ಚೇತನ್ ಕೆಲವು ವರ್ಷಗಳ ಹಿಂದೆ ವಿದೇಶದಲ್ಲಿ ಕೆಲಸ ಮಾಡುತ್ತಿದ್ದರು. ಬಳಿಕ ಮೈಸೂರಿಗೆ ಬಂದು ನೆಲೆಸಿದ್ದರು. ಸ್ಥಳಕ್ಕೆ ಪೊಲೀಸ್ ಆಯುಕ್ತರು ಭೇಟಿ ನೀಡಿ ಪರಿಶೀಲನೆ ನಡೆಸಿದರು. ಡೆತ್ ನೋಟ್‌ನಲ್ಲಿ ಯಾರನ್ನೂ ದೂಷಿಸಿಲ್ಲ ಎಂದು ತಿಳಿದುಬಂದಿದೆ. ಮರಣೋತ್ತರ ಪರೀಕ್ಷೆಗಾಗಿ ಶವಗಳನ್ನು ಆಸ್ಪತ್ರೆಗೆ ರವಾನಿಸಲಾಗಿದೆ. ಈ ಸಂಬಂಧ ಪ್ರಕರಣ ದಾಖಲಾಗಿದೆ.
ರಾಜಣ್ಣ ಇರೋದೇ ಹಾಗೆ: ಸತೀಶ್ ಜಾರಕಿಹೊಳಿ
ಉಡುಪಿ: ಸಹಕಾರ ಸಚಿವ ಕೆ.ಎನ್. ರಾಜಣ್ಣ ಅವರು ಇರೋದೇ ಹಾಗೆ. ಅವರು ಏನೇ ಹೇಳಿದರೂ ನೇರವಾಗಿ ಹೇಳುತ್ತಾರೆ. ಅದನ್ನು ತಪ್ಪಾಗಿ ಅರ್ಥೈಸಿಕೊಳ್ಳಬಾರದು ಎಂದು ಲೋಕೋಪಯೋಗಿ ಸಚಿವ ಸತೀಶ್ ಜಾರಕಿಹೊಳಿ ಹೇಳಿದರು. ನಗರದಲ್ಲಿ ಸುದ್ದಿಗಾರರೊಂದಿಗೆ ಮಾತನಾಡಿದ ಅವರು, ಹೈಕಮಾಂಡ್ ಎಲ್ಲವನ್ನೂ ಗಮನಿಸುತ್ತಿದೆ. ಪಕ್ಷದಲ್ಲಿ ಯಾವುದೇ ಗೊಂದಲವಿಲ್ಲ. ಮುಖ್ಯಮಂತ್ರಿ ಬದಲಾವಣೆ ವಿಚಾರ ಹೈಕಮಾಂಡ್‌ಗೆ ಬಿಟ್ಟಿದ್ದು. ಸಚಿವರ ಹೇಳಿಕೆಗಳ ಬಗ್ಗೆ ಹೈಕಮಾಂಡ್ ನಿರ್ಧಾರ ಕೈಗೊಳ್ಳಲಿದೆ. ಕೆಪಿಸಿಸಿ ಅಧ್ಯಕ್ಷರ ಬದಲಾವಣೆ ಬಗ್ಗೆ ಚರ್ಚೆ ನಡೆದಿಲ್ಲ. ನಾವು ಪಕ್ಷದ ಶಿಸ್ತಿನ ಸಿಪಾಯಿಗಳು. ಪಕ್ಷ ಏನು ಹೇಳುತ್ತದೋ ಅದನ್ನು ಪಾಲಿಸುತ್ತೇವೆ.
ಅವರವರ ಭಕ್ತಿ, ಪ್ರಸ್ತ ದಾರಿ ನಮ್ಮದು ಎಂದು ಹೇಳಿದರು. ಕರಾವಳಿ ಭಾಗದ ಅಭಿವೃದ್ಧಿಗೆ ಸರ್ಕಾರ ಬದ್ಧವಾಗಿದೆ. ಹೆದ್ದಾರಿ ಕಾಮಗಾರಿಗಳನ್ನು ಶೀಘ್ರ ಪೂರ್ಣಗೊಳಿಸಲು ಸೂಚಿಸಲಾಗಿದೆ. ಮಳೆಗಾಲಕ್ಕೂ ಮುನ್ನ ರಸ್ತೆ ದುರಸ್ತಿ ಕಾರ್ಯ ಮುಗಿಸಲಾಗುವುದು. ಬಿಜೆಪಿ ನಾಯಕರ ಆರೋಪಗಳಲ್ಲಿ ಹುರುಳಿಲ್ಲ. ಅವರ ಪಕ್ಷದೊಳಗಿನ ಗೊಂದಲ ಮೊದಲು ಬಗೆಹರಿಸಿಕೊಳ್ಳಲಿ. ನಮ್ಮ ಸರ್ಕಾರ ಐದು ವರ್ಷ ಸುಭದ್ರವಾಗಿರಲಿದೆ ಎಂದು ಸ್ಪಷ್ಟಪಡಿಸಿದರು. ಲೋಕೋಪಯೋಗಿ ಇಲಾಖೆಯಲ್ಲಿ ಪಾರದರ್ಶಕ ಆಡಳಿತ ನೀಡಲಾಗುತ್ತಿದೆ.
